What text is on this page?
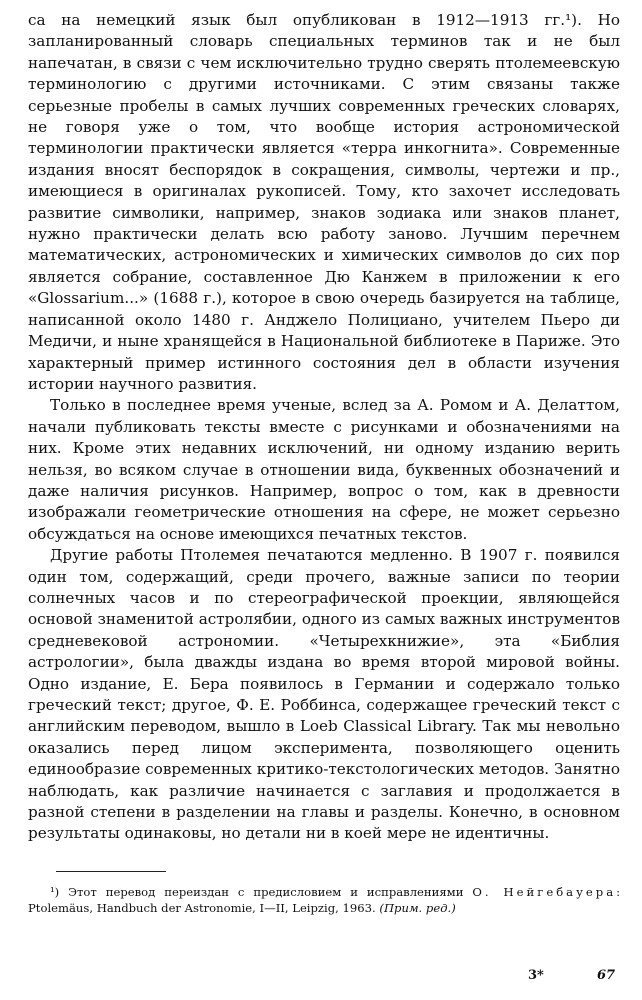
са на немецкий язык был опубликован в 1912—1913 гг.¹). Но запланированный словарь специальных терминов так и не был напечатан, в связи с чем исключительно трудно сверять птолемеевскую терминологию с другими источниками. С этим связаны также серьезные пробелы в самых лучших современных греческих словарях, не говоря уже о том, что вообще история астрономической терминологии практически является «терра инкогнита». Современные издания вносят беспорядок в сокращения, символы, чертежи и пр., имеющиеся в оригиналах рукописей. Тому, кто захочет исследовать развитие символики, например, знаков зодиака или знаков планет, нужно практически делать всю работу заново. Лучшим перечнем математических, астрономических и химических символов до сих пор является собрание, составленное Дю Канжем в приложении к его «Glossarium...» (1688 г.), которое в свою очередь базируется на таблице, написанной около 1480 г. Анджело Полициано, учителем Пьеро ди Медичи, и ныне хранящейся в Национальной библиотеке в Париже. Это характерный пример истинного состояния дел в области изучения истории научного развития.

Только в последнее время ученые, вслед за А. Ромом и А. Делаттом, начали публиковать тексты вместе с рисунками и обозначениями на них. Кроме этих недавних исключений, ни одному изданию верить нельзя, во всяком случае в отношении вида, буквенных обозначений и даже наличия рисунков. Например, вопрос о том, как в древности изображали геометрические отношения на сфере, не может серьезно обсуждаться на основе имеющихся печатных текстов.

Другие работы Птолемея печатаются медленно. В 1907 г. появился один том, содержащий, среди прочего, важные записи по теории солнечных часов и по стереографической проекции, являющейся основой знаменитой астролябии, одного из самых важных инструментов средневековой астрономии. «Четырехкнижие», эта «Библия астрологии», была дважды издана во время второй мировой войны. Одно издание, Е. Бера появилось в Германии и содержало только греческий текст; другое, Ф. Е. Роббинса, содержащее греческий текст с английским переводом, вышло в Loeb Classical Library. Так мы невольно оказались перед лицом эксперимента, позволяющего оценить единообразие современных критико-текстологических методов. Занятно наблюдать, как различие начинается с заглавия и продолжается в разной степени в разделении на главы и разделы. Конечно, в основном результаты одинаковы, но детали ни в коей мере не идентичны.

¹) Этот перевод переиздан с предисловием и исправлениями О. Нейгебауера: Ptolemäus, Handbuch der Astronomie, I—II, Leipzig, 1963. (Прим. ред.)

3*	67
